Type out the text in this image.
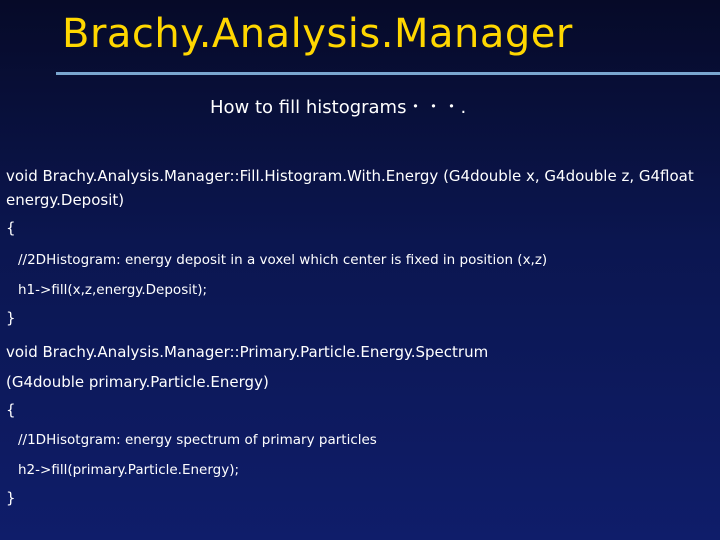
Brachy.Analysis.Manager
How to fill histograms・・・.
void Brachy.Analysis.Manager::Fill.Histogram.With.Energy (G4double x, G4double z, G4float
energy.Deposit)
{
//2DHistogram: energy deposit in a voxel which center is fixed in position (x,z)
h1->fill(x,z,energy.Deposit);
}
void Brachy.Analysis.Manager::Primary.Particle.Energy.Spectrum
(G4double primary.Particle.Energy)
{
//1DHisotgram: energy spectrum of primary particles
h2->fill(primary.Particle.Energy);
}
